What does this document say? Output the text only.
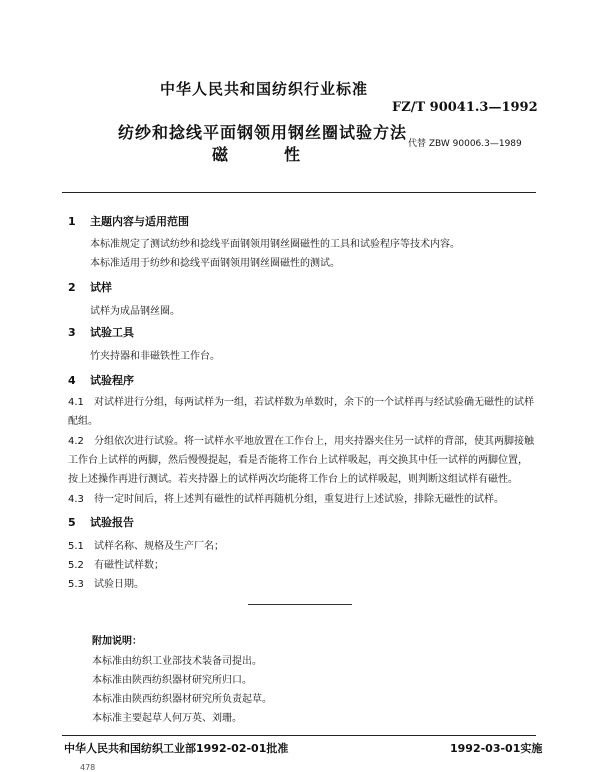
中华人民共和国纺织行业标准
FZ/T 90041.3—1992
纺纱和捻线平面钢领用钢丝圈试验方法
磁	性
代替 ZBW 90006.3—1989
1 主题内容与适用范围
本标准规定了测试纺纱和捻线平面钢领用钢丝圈磁性的工具和试验程序等技术内容。
本标准适用于纺纱和捻线平面钢领用钢丝圈磁性的测试。
2 试样
试样为成品钢丝圈。
3 试验工具
竹夹持器和非磁铁性工作台。
4 试验程序
4.1 对试样进行分组，每两试样为一组，若试样数为单数时，余下的一个试样再与经试验确无磁性的试样配组。
4.2 分组依次进行试验。将一试样水平地放置在工作台上，用夹持器夹住另一试样的背部，使其两脚接触工作台上试样的两脚，然后慢慢提起，看是否能将工作台上试样吸起，再交换其中任一试样的两脚位置，按上述操作再进行测试。若夹持器上的试样两次均能将工作台上的试样吸起，则判断这组试样有磁性。
4.3 待一定时间后，将上述判有磁性的试样再随机分组，重复进行上述试验，排除无磁性的试样。
5 试验报告
5.1 试样名称、规格及生产厂名；
5.2 有磁性试样数；
5.3 试验日期。
附加说明：
本标准由纺织工业部技术装备司提出。
本标准由陕西纺织器材研究所归口。
本标准由陕西纺织器材研究所负责起草。
本标准主要起草人何万英、刘珊。
中华人民共和国纺织工业部1992-02-01批准	1992-03-01实施
478
